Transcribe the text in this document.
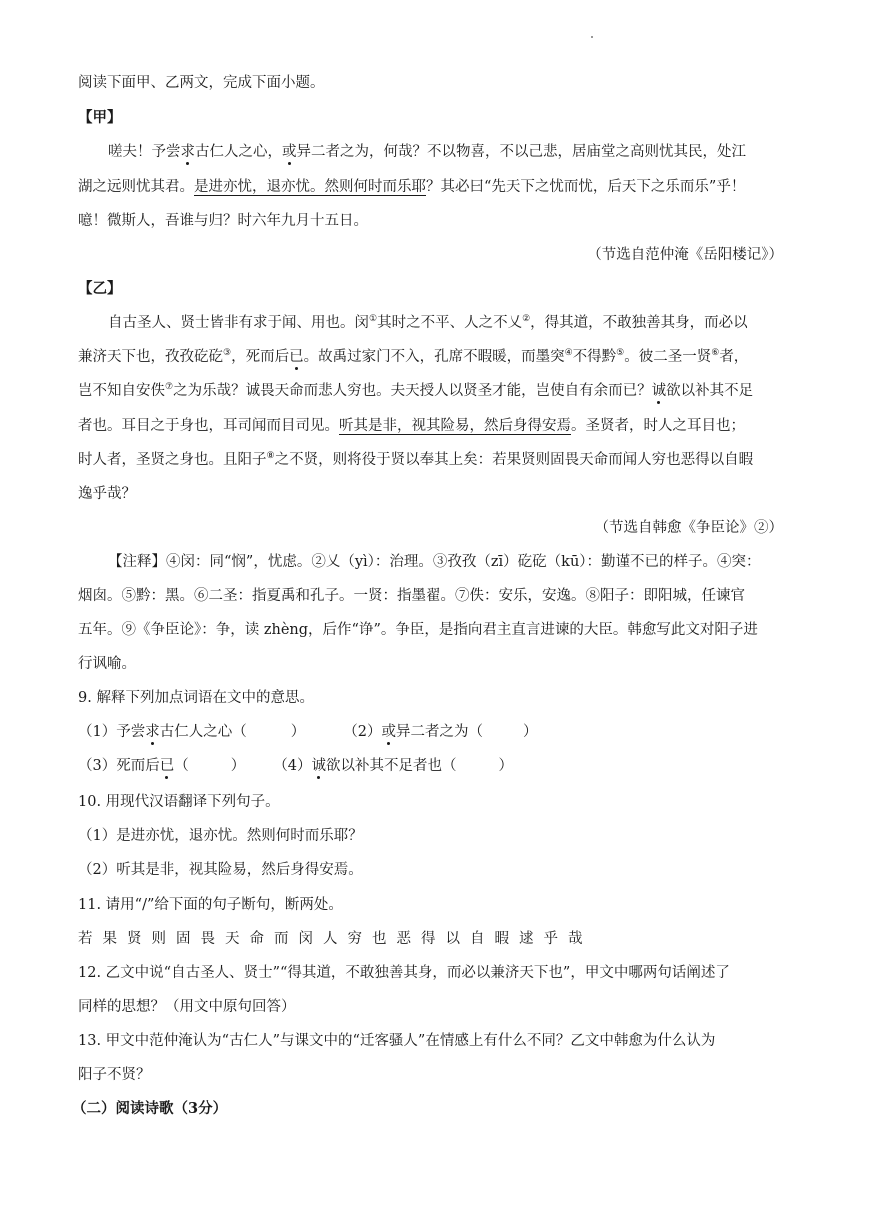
阅读下面甲、乙两文，完成下面小题。
【甲】
嗟夫！予尝求古仁人之心，或异二者之为，何哉？不以物喜，不以己悲，居庙堂之高则忧其民，处江
湖之远则忧其君。是进亦忧，退亦忧。然则何时而乐耶？其必曰“先天下之忧而忧，后天下之乐而乐”乎！
噫！微斯人，吾谁与归？时六年九月十五日。
（节选自范仲淹《岳阳楼记》）
【乙】
自古圣人、贤士皆非有求于闻、用也。闵①其时之不平、人之不乂②，得其道，不敢独善其身，而必以
兼济天下也，孜孜矻矻③，死而后已。故禹过家门不入，孔席不暇暖，而墨突④不得黔⑤。彼二圣一贤⑥者，
岂不知自安佚⑦之为乐哉？诚畏天命而悲人穷也。夫天授人以贤圣才能，岂使自有余而已？诚欲以补其不足
者也。耳目之于身也，耳司闻而目司见。听其是非，视其险易，然后身得安焉。圣贤者，时人之耳目也；
时人者，圣贤之身也。且阳子⑧之不贤，则将役于贤以奉其上矣：若果贤则固畏天命而闻人穷也恶得以自暇
逸乎哉？
（节选自韩愈《争臣论》②）
【注释】④闵：同“悯”，忧虑。②乂（yì）：治理。③孜孜（zī）矻矻（kū）：勤谨不已的样子。④突：
烟囱。⑤黔：黑。⑥二圣：指夏禹和孔子。一贤：指墨翟。⑦佚：安乐，安逸。⑧阳子：即阳城，任谏官
五年。⑨《争臣论》：争，读 zhèng，后作“诤”。争臣，是指向君主直言进谏的大臣。韩愈写此文对阳子进
行讽喻。
9. 解释下列加点词语在文中的意思。
（1）予尝求古仁人之心（	）	（2）或异二者之为（	）
（3）死而后已（	） （4）诚欲以补其不足者也（	）
10. 用现代汉语翻译下列句子。
（1）是进亦忧，退亦忧。然则何时而乐耶？
（2）听其是非，视其险易，然后身得安焉。
11. 请用“/”给下面的句子断句，断两处。
若果贤则固畏天命而闵人穷也恶得以自暇逑乎哉
12. 乙文中说“自古圣人、贤士”“得其道，不敢独善其身，而必以兼济天下也”，甲文中哪两句话阐述了
同样的思想？（用文中原句回答）
13. 甲文中范仲淹认为“古仁人”与课文中的“迁客骚人”在情感上有什么不同？乙文中韩愈为什么认为
阳子不贤？
（二）阅读诗歌（3分）
